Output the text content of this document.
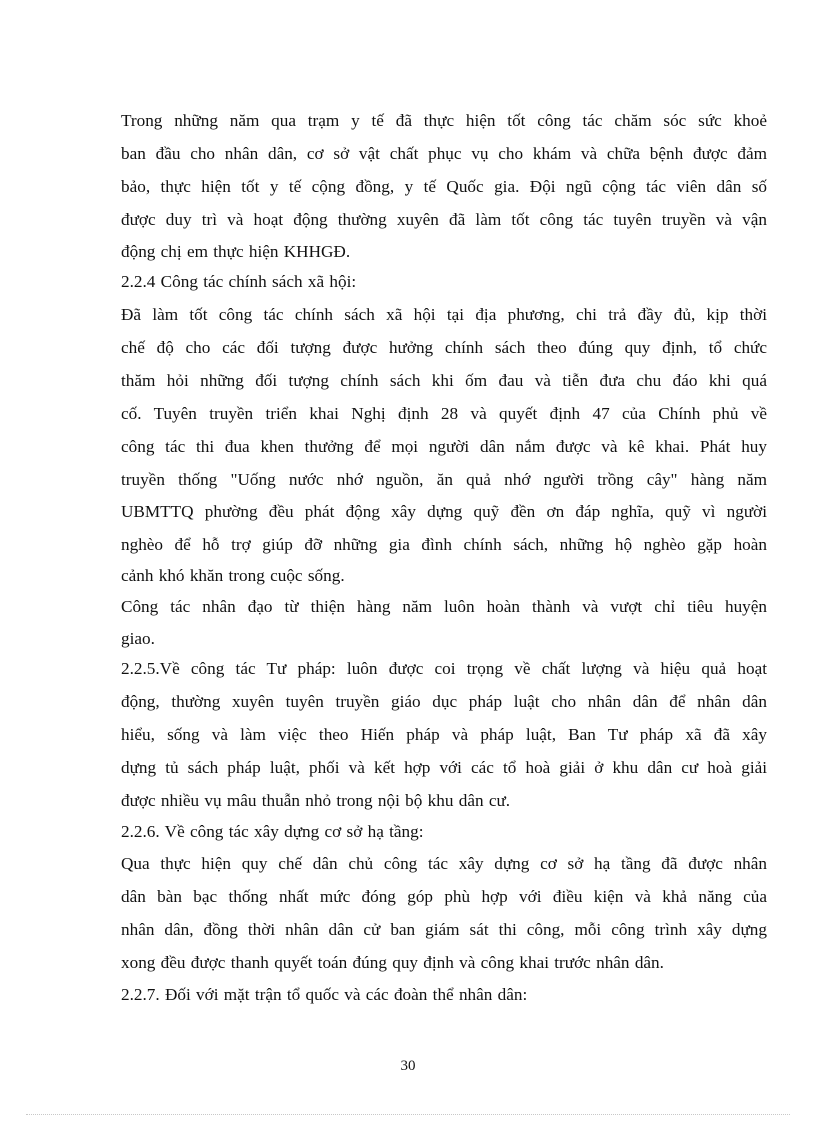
Trong những năm qua trạm y tế đã thực hiện tốt công tác chăm sóc sức khoẻ
ban đầu cho nhân dân, cơ sở vật chất phục vụ cho khám và chữa bệnh được đảm
bảo, thực hiện tốt y tế cộng đồng, y tế Quốc gia. Đội ngũ cộng tác viên dân số
được duy trì và hoạt động thường xuyên đã làm tốt công tác tuyên truyền và vận
động chị em thực hiện KHHGĐ.
2.2.4 Công tác chính sách xã hội:
Đã làm tốt công tác chính sách xã hội tại địa phương, chi trả đầy đủ, kịp thời
chế độ cho các đối tượng được hưởng chính sách theo đúng quy định, tổ chức
thăm hỏi những đối tượng chính sách khi ốm đau và tiễn đưa chu đáo khi quá
cố. Tuyên truyền triển khai Nghị định 28 và quyết định 47 của Chính phủ về
công tác thi đua khen thưởng để mọi người dân nắm được và kê khai. Phát huy
truyền thống "Uống nước nhớ nguồn, ăn quả nhớ người trồng cây" hàng năm
UBMTTQ phường đều phát động xây dựng quỹ đền ơn đáp nghĩa, quỹ vì người
nghèo để hỗ trợ giúp đỡ những gia đình chính sách, những hộ nghèo gặp hoàn
cảnh khó khăn trong cuộc sống.
Công tác nhân đạo từ thiện hàng năm luôn hoàn thành và vượt chỉ tiêu huyện
giao.
2.2.5.Về công tác Tư pháp: luôn được coi trọng về chất lượng và hiệu quả hoạt
động, thường xuyên tuyên truyền giáo dục pháp luật cho nhân dân để nhân dân
hiểu, sống và làm việc theo Hiến pháp và pháp luật, Ban Tư pháp xã đã xây
dựng tủ sách pháp luật, phối và kết hợp với các tổ hoà giải ở khu dân cư hoà giải
được nhiều vụ mâu thuẫn nhỏ trong nội bộ khu dân cư.
2.2.6. Về công tác xây dựng cơ sở hạ tầng:
Qua thực hiện quy chế dân chủ công tác xây dựng cơ sở hạ tầng đã được nhân
dân bàn bạc thống nhất mức đóng góp phù hợp với điều kiện và khả năng của
nhân dân, đồng thời nhân dân cử ban giám sát thi công, mỗi công trình xây dựng
xong đều được thanh quyết toán đúng quy định và công khai trước nhân dân.
2.2.7. Đối với mặt trận tổ quốc và các đoàn thể nhân dân:
30
